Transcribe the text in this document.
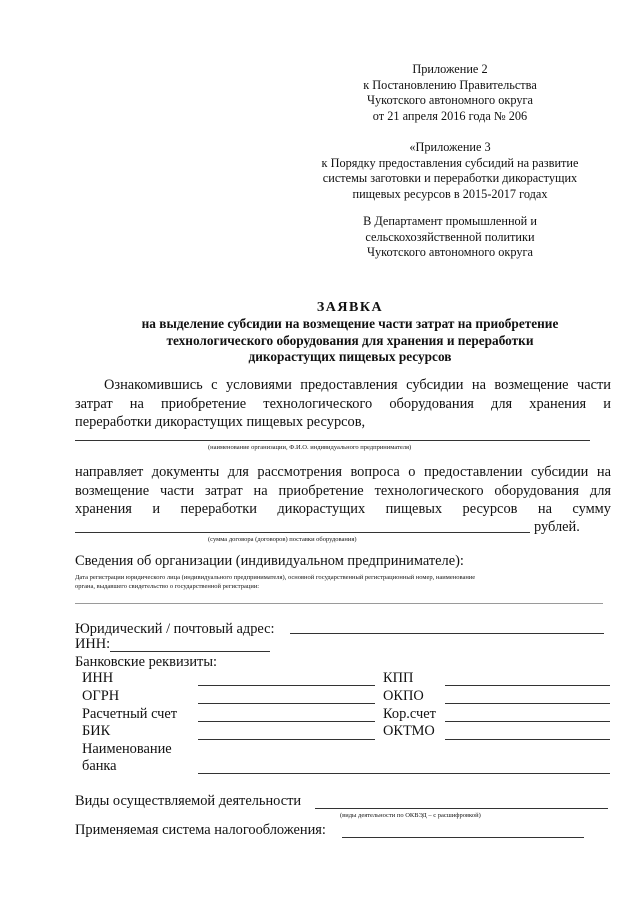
Приложение 2
к Постановлению Правительства
Чукотского автономного округа
от 21 апреля 2016 года № 206
«Приложение 3
к Порядку предоставления субсидий на развитие
системы заготовки и переработки дикорастущих
пищевых ресурсов в 2015-2017 годах
В Департамент промышленной и
сельскохозяйственной политики
Чукотского автономного округа
ЗАЯВКА
на выделение субсидии на возмещение части затрат на приобретение
технологического оборудования для хранения и переработки
дикорастущих пищевых ресурсов
Ознакомившись с условиями предоставления субсидии на возмещение части
затрат на приобретение технологического оборудования для хранения и
переработки дикорастущих пищевых ресурсов,
(наименование организации, Ф.И.О. индивидуального предпринимателя)
направляет документы для рассмотрения вопроса о предоставлении субсидии на
возмещение части затрат на приобретение технологического оборудования для
хранения и переработки дикорастущих пищевых ресурсов на сумму
рублей.
(сумма договора (договоров) поставки оборудования)
Сведения об организации (индивидуальном предпринимателе):
Дата регистрации юридического лица (индивидуального предпринимателя), основной государственный регистрационный номер, наименование
органа, выдавшего свидетельство о государственной регистрации:
Юридический / почтовый адрес:
ИНН:
Банковские реквизиты:
ИНН	КПП
ОГРН	ОКПО
Расчетный счет	Кор.счет
БИК	ОКТМО
Наименование
банка
Виды осуществляемой деятельности
(виды деятельности по ОКВЭД – с расшифровкой)
Применяемая система налогообложения:
